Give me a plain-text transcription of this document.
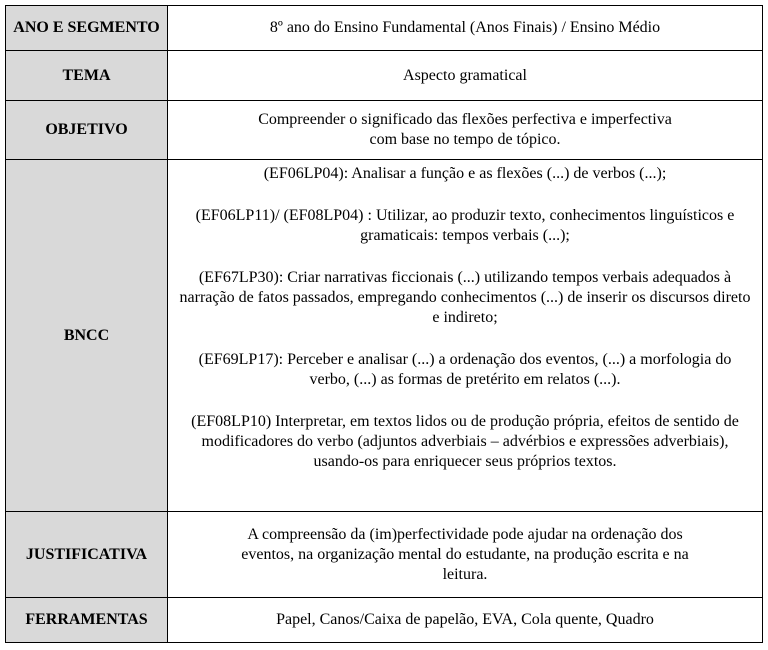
ANO E SEGMENTO	8º ano do Ensino Fundamental (Anos Finais) / Ensino Médio
TEMA	Aspecto gramatical
OBJETIVO	Compreender o significado das flexões perfectiva e imperfectiva com base no tempo de tópico.
BNCC	(EF06LP04): Analisar a função e as flexões (...) de verbos (...);

(EF06LP11)/ (EF08LP04) : Utilizar, ao produzir texto, conhecimentos linguísticos e gramaticais: tempos verbais (...);

(EF67LP30): Criar narrativas ficcionais (...) utilizando tempos verbais adequados à narração de fatos passados, empregando conhecimentos (...) de inserir os discursos direto e indireto;

(EF69LP17): Perceber e analisar (...) a ordenação dos eventos, (...) a morfologia do verbo, (...) as formas de pretérito em relatos (...).

(EF08LP10) Interpretar, em textos lidos ou de produção própria, efeitos de sentido de modificadores do verbo (adjuntos adverbiais – advérbios e expressões adverbiais), usando-os para enriquecer seus próprios textos.

JUSTIFICATIVA	A compreensão da (im)perfectividade pode ajudar na ordenação dos eventos, na organização mental do estudante, na produção escrita e na leitura.
FERRAMENTAS	Papel, Canos/Caixa de papelão, EVA, Cola quente, Quadro
